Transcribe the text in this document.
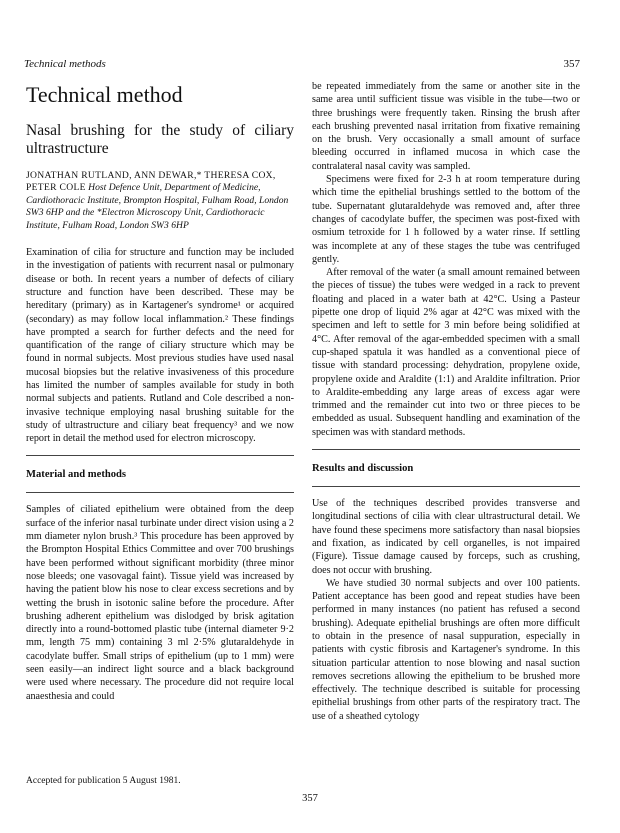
Technical methods	357
Technical method
Nasal brushing for the study of ciliary ultrastructure
JONATHAN RUTLAND, ANN DEWAR,* THERESA COX, PETER COLE Host Defence Unit, Department of Medicine, Cardiothoracic Institute, Brompton Hospital, Fulham Road, London SW3 6HP and the *Electron Microscopy Unit, Cardiothoracic Institute, Fulham Road, London SW3 6HP

Examination of cilia for structure and function may be included in the investigation of patients with recurrent nasal or pulmonary disease or both. In recent years a number of defects of ciliary structure and function have been described. These may be hereditary (primary) as in Kartagener's syndrome¹ or acquired (secondary) as may follow local inflammation.² These findings have prompted a search for further defects and the need for quantification of the range of ciliary structure which may be found in normal subjects. Most previous studies have used nasal mucosal biopsies but the relative invasiveness of this procedure has limited the number of samples available for study in both normal subjects and patients. Rutland and Cole described a non-invasive technique employing nasal brushing suitable for the study of ultrastructure and ciliary beat frequency³ and we now report in detail the method used for electron microscopy.

Material and methods

Samples of ciliated epithelium were obtained from the deep surface of the inferior nasal turbinate under direct vision using a 2 mm diameter nylon brush.³ This procedure has been approved by the Brompton Hospital Ethics Committee and over 700 brushings have been performed without significant morbidity (three minor nose bleeds; one vasovagal faint). Tissue yield was increased by having the patient blow his nose to clear excess secretions and by wetting the brush in isotonic saline before the procedure. After brushing adherent epithelium was dislodged by brisk agitation directly into a round-bottomed plastic tube (internal diameter 9·2 mm, length 75 mm) containing 3 ml 2·5% glutaraldehyde in cacodylate buffer. Small strips of epithelium (up to 1 mm) were seen easily—an indirect light source and a black background were used where necessary. The procedure did not require local anaesthesia and could

be repeated immediately from the same or another site in the same area until sufficient tissue was visible in the tube—two or three brushings were frequently taken. Rinsing the brush after each brushing prevented nasal irritation from fixative remaining on the brush. Very occasionally a small amount of surface bleeding occurred in inflamed mucosa in which case the contralateral nasal cavity was sampled.

Specimens were fixed for 2-3 h at room temperature during which time the epithelial brushings settled to the bottom of the tube. Supernatant glutaraldehyde was removed and, after three changes of cacodylate buffer, the specimen was post-fixed with osmium tetroxide for 1 h followed by a water rinse. If settling was incomplete at any of these stages the tube was centrifuged gently.

After removal of the water (a small amount remained between the pieces of tissue) the tubes were wedged in a rack to prevent floating and placed in a water bath at 42°C. Using a Pasteur pipette one drop of liquid 2% agar at 42°C was mixed with the specimen and left to settle for 3 min before being solidified at 4°C. After removal of the agar-embedded specimen with a small cup-shaped spatula it was handled as a conventional piece of tissue with standard processing: dehydration, propylene oxide, propylene oxide and Araldite (1:1) and Araldite infiltration. Prior to Araldite-embedding any large areas of excess agar were trimmed and the remainder cut into two or three pieces to be embedded as usual. Subsequent handling and examination of the specimen was with standard methods.

Results and discussion

Use of the techniques described provides transverse and longitudinal sections of cilia with clear ultrastructural detail. We have found these specimens more satisfactory than nasal biopsies and fixation, as indicated by cell organelles, is not impaired (Figure). Tissue damage caused by forceps, such as crushing, does not occur with brushing.

We have studied 30 normal subjects and over 100 patients. Patient acceptance has been good and repeat studies have been performed in many instances (no patient has refused a second brushing). Adequate epithelial brushings are often more difficult to obtain in the presence of nasal suppuration, especially in patients with cystic fibrosis and Kartagener's syndrome. In this situation particular attention to nose blowing and nasal suction removes secretions allowing the epithelium to be brushed more effectively. The technique described is suitable for processing epithelial brushings from other parts of the respiratory tract. The use of a sheathed cytology

Accepted for publication 5 August 1981.
357
